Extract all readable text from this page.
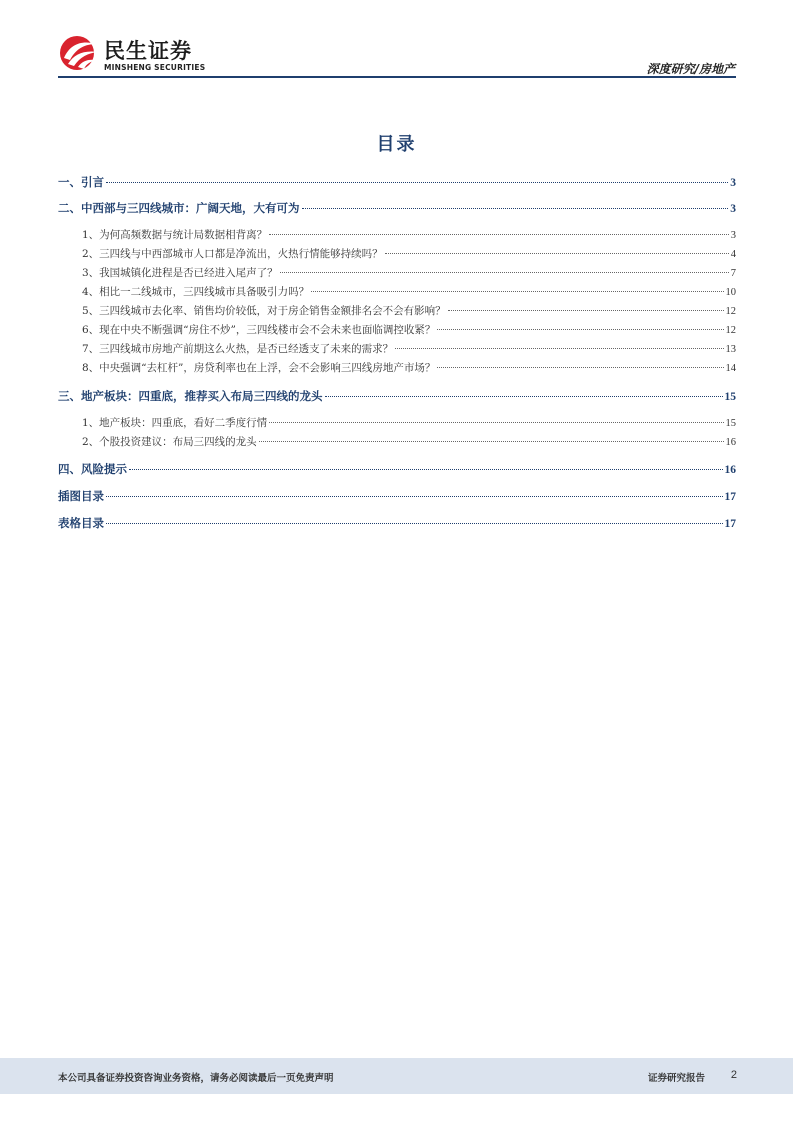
民生证券
MINSHENG SECURITIES	深度研究/房地产
目录
一、引言	3
二、中西部与三四线城市：广阔天地，大有可为	3
1、为何高频数据与统计局数据相背离？	3
2、三四线与中西部城市人口都是净流出，火热行情能够持续吗？	4
3、我国城镇化进程是否已经进入尾声了？	7
4、相比一二线城市，三四线城市具备吸引力吗？	10
5、三四线城市去化率、销售均价较低，对于房企销售金额排名会不会有影响？	12
6、现在中央不断强调“房住不炒”，三四线楼市会不会未来也面临调控收紧？	12
7、三四线城市房地产前期这么火热，是否已经透支了未来的需求？	13
8、中央强调“去杠杆”，房贷利率也在上浮，会不会影响三四线房地产市场？	14
三、地产板块：四重底，推荐买入布局三四线的龙头	15
1、地产板块：四重底，看好二季度行情	15
2、个股投资建议：布局三四线的龙头	16
四、风险提示	16
插图目录	17
表格目录	17
本公司具备证券投资咨询业务资格，请务必阅读最后一页免责声明	证券研究报告 2
